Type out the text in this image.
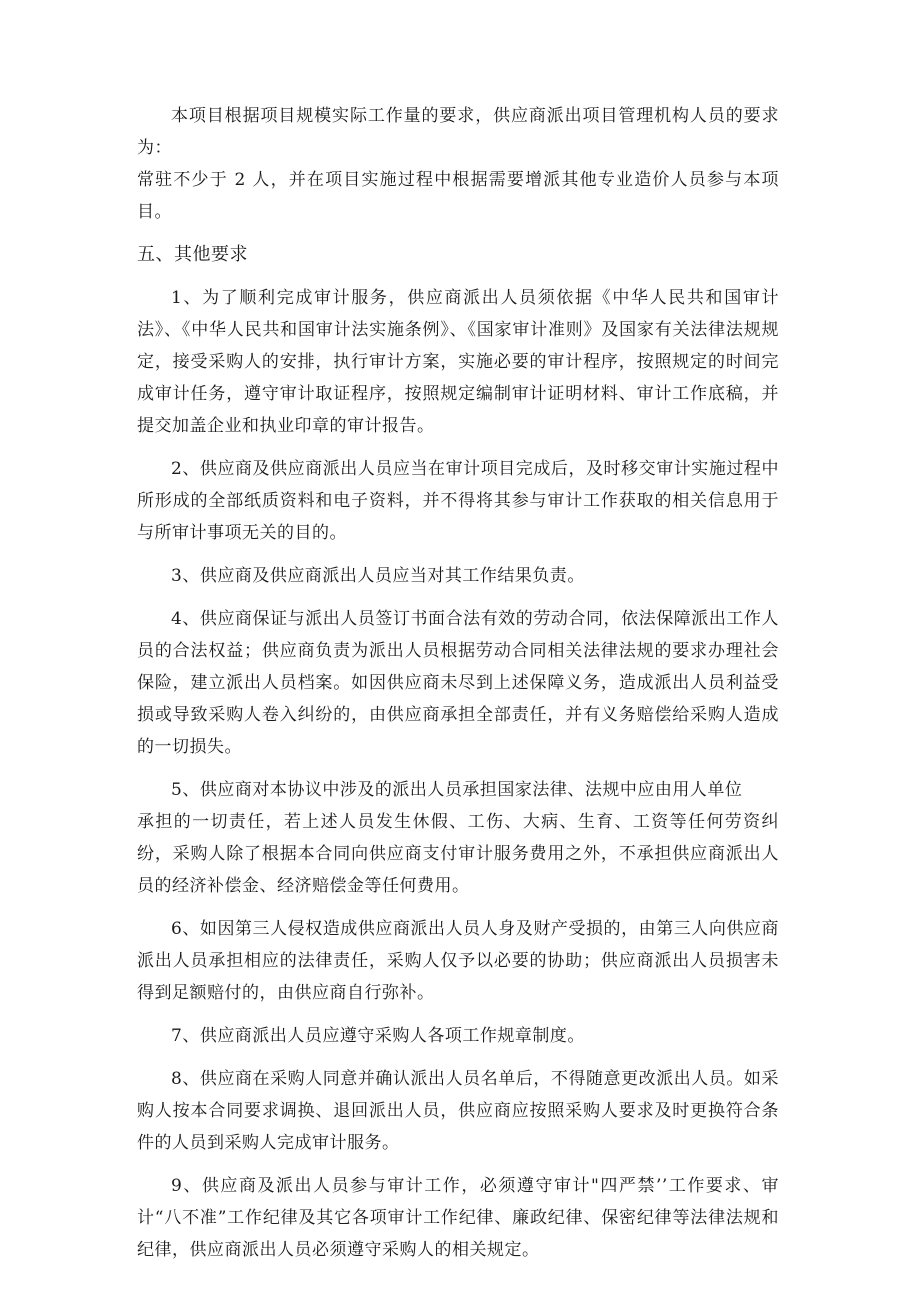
本项目根据项目规模实际工作量的要求，供应商派出项目管理机构人员的要求为：

常驻不少于 2 人，并在项目实施过程中根据需要增派其他专业造价人员参与本项目。

五、其他要求

1、为了顺利完成审计服务，供应商派出人员须依据《中华人民共和国审计法》、《中华人民共和国审计法实施条例》、《国家审计准则》及国家有关法律法规规定，接受采购人的安排，执行审计方案，实施必要的审计程序，按照规定的时间完成审计任务，遵守审计取证程序，按照规定编制审计证明材料、审计工作底稿，并提交加盖企业和执业印章的审计报告。

2、供应商及供应商派出人员应当在审计项目完成后，及时移交审计实施过程中所形成的全部纸质资料和电子资料，并不得将其参与审计工作获取的相关信息用于与所审计事项无关的目的。

3、供应商及供应商派出人员应当对其工作结果负责。

4、供应商保证与派出人员签订书面合法有效的劳动合同，依法保障派出工作人员的合法权益；供应商负责为派出人员根据劳动合同相关法律法规的要求办理社会保险，建立派出人员档案。如因供应商未尽到上述保障义务，造成派出人员利益受损或导致采购人卷入纠纷的，由供应商承担全部责任，并有义务赔偿给采购人造成的一切损失。

5、供应商对本协议中涉及的派出人员承担国家法律、法规中应由用人单位

承担的一切责任，若上述人员发生休假、工伤、大病、生育、工资等任何劳资纠纷，采购人除了根据本合同向供应商支付审计服务费用之外，不承担供应商派出人员的经济补偿金、经济赔偿金等任何费用。

6、如因第三人侵权造成供应商派出人员人身及财产受损的，由第三人向供应商派出人员承担相应的法律责任，采购人仅予以必要的协助；供应商派出人员损害未得到足额赔付的，由供应商自行弥补。

7、供应商派出人员应遵守采购人各项工作规章制度。

8、供应商在采购人同意并确认派出人员名单后，不得随意更改派出人员。如采购人按本合同要求调换、退回派出人员，供应商应按照采购人要求及时更换符合条件的人员到采购人完成审计服务。

9、供应商及派出人员参与审计工作，必须遵守审计"四严禁’’工作要求、审计“八不准”工作纪律及其它各项审计工作纪律、廉政纪律、保密纪律等法律法规和纪律，供应商派出人员必须遵守采购人的相关规定。
